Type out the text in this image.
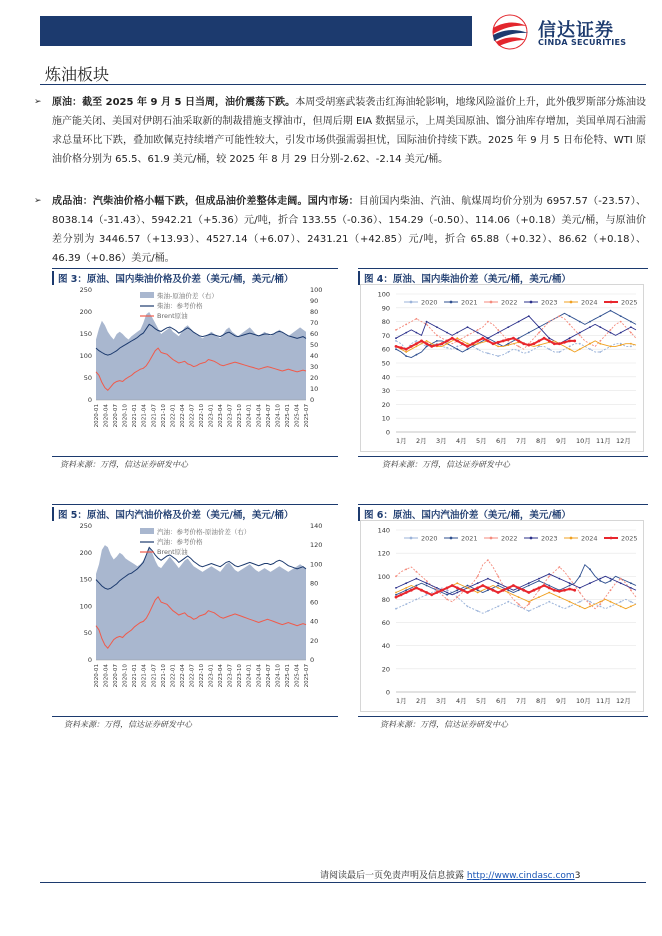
信达证券
CINDA SECURITIES
炼油板块
➢ 原油：截至 2025 年 9 月 5 日当周，油价震荡下跌。本周受胡塞武装袭击红海油轮影响，地缘风险溢价上升，此外俄罗斯部分炼油设施产能关闭、美国对伊朗石油采取新的制裁措施支撑油市，但周后期 EIA 数据显示，上周美国原油、馏分油库存增加，美国单周石油需求总量环比下跌，叠加欧佩克持续增产可能性较大，引发市场供强需弱担忧，国际油价持续下跌。2025 年 9 月 5 日布伦特、WTI 原油价格分别为 65.5、61.9 美元/桶，较 2025 年 8 月 29 日分别-2.62、-2.14 美元/桶。
➢ 成品油：汽柴油价格小幅下跌，但成品油价差整体走阔。国内市场：目前国内柴油、汽油、航煤周均价分别为 6957.57（-23.57）、8038.14（-31.43）、5942.21（+5.36）元/吨，折合 133.55（-0.36）、154.29（-0.50）、114.06（+0.18）美元/桶，与原油价差分别为 3446.57（+13.93）、4527.14（+6.07）、2431.21（+42.85）元/吨，折合 65.88（+0.32）、86.62（+0.18）、46.39（+0.86）美元/桶。
图 3：原油、国内柴油价格及价差（美元/桶，美元/桶）
0
50
100
150
200
250
0
10
20
30
40
50
60
70
80
90
100
2020-01 2020-04 2020-07 2020-10 2021-01 2021-04 2021-07 2021-10 2022-01 2022-04 2022-07 2022-10 2023-01 2023-04 2023-07 2023-10 2024-01 2024-04 2024-07 2024-10 2025-01 2025-04 2025-07
柴油-原油价差（右）
柴油：参考价格
Brent原油
资料来源：万得，信达证券研发中心
图 4：原油、国内柴油价差（美元/桶，美元/桶）
0
10
20
30
40
50
60
70
80
90
100
1月 2月 3月 4月 5月 6月 7月 8月 9月 10月 11月 12月
2020	2021	2022	2023	2024	2025
资料来源：万得，信达证券研发中心
图 5：原油、国内汽油价格及价差（美元/桶，美元/桶）
0
50
100
150
200
250
0
20
40
60
80
100
120
140
2020-01 2020-04 2020-07 2020-10 2021-01 2021-04 2021-07 2021-10 2022-01 2022-04 2022-07 2022-10 2023-01 2023-04 2023-07 2023-10 2024-01 2024-04 2024-07 2024-10 2025-01 2025-04 2025-07
汽油：参考价格-原油价差（右）
汽油：参考价格
Brent原油
资料来源：万得，信达证券研发中心
图 6：原油、国内汽油价差（美元/桶，美元/桶）
0
20
40
60
80
100
120
140
1月 2月 3月 4月 5月 6月 7月 8月 9月 10月 11月 12月
2020	2021	2022	2023	2024	2025
资料来源：万得，信达证券研发中心
请阅读最后一页免责声明及信息披露 http://www.cindasc.com3
